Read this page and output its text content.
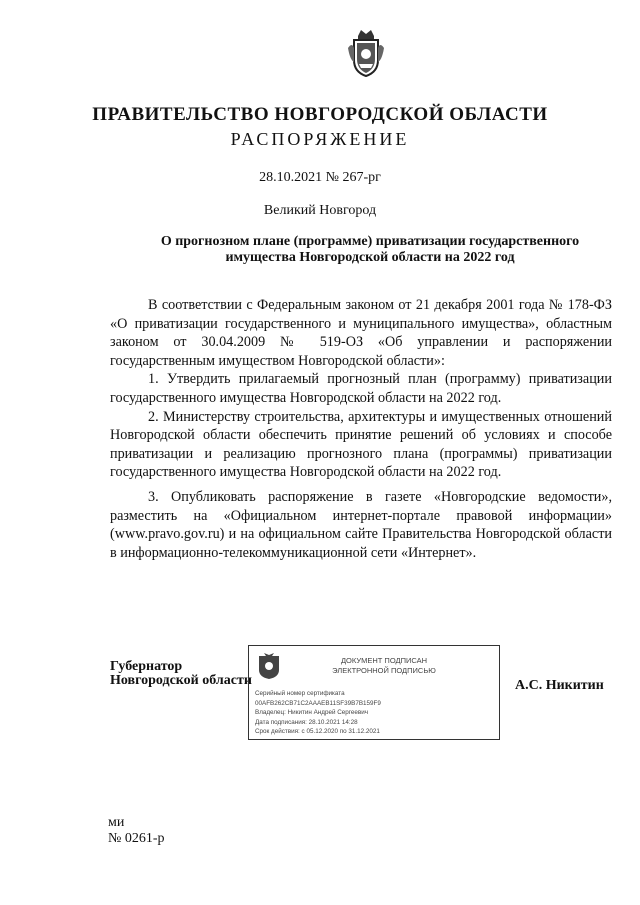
ПРАВИТЕЛЬСТВО НОВГОРОДСКОЙ ОБЛАСТИ
РАСПОРЯЖЕНИЕ
28.10.2021 № 267-рг
Великий Новгород
О прогнозном плане (программе) приватизации государственного
имущества Новгородской области на 2022 год

В соответствии с Федеральным законом от 21 декабря 2001 года № 178-ФЗ «О приватизации государственного и муниципального имущества», областным законом от 30.04.2009 № 519-ОЗ «Об управлении и распоряжении государственным имуществом Новгородской области»:

1. Утвердить прилагаемый прогнозный план (программу) приватизации государственного имущества Новгородской области на 2022 год.

2. Министерству строительства, архитектуры и имущественных отношений Новгородской области обеспечить принятие решений об условиях и способе приватизации и реализацию прогнозного плана (программы) приватизации государственного имущества Новгородской области на 2022 год.

3. Опубликовать распоряжение в газете «Новгородские ведомости», разместить на «Официальном интернет-портале правовой информации» (www.pravo.gov.ru) и на официальном сайте Правительства Новгородской области в информационно-телекоммуникационной сети «Интернет».

Губернатор
Новгородской области
ДОКУМЕНТ ПОДПИСАН
ЭЛЕКТРОННОЙ ПОДПИСЬЮ
Серийный номер сертификата
00AFB262CB71C2AAAEB11SF39B7B159F9
Владелец: Никитин Андрей Сергеевич
Дата подписания: 28.10.2021 14:28
Срок действия: с 05.12.2020 по 31.12.2021
А.С. Никитин
ми
№ 0261-р
